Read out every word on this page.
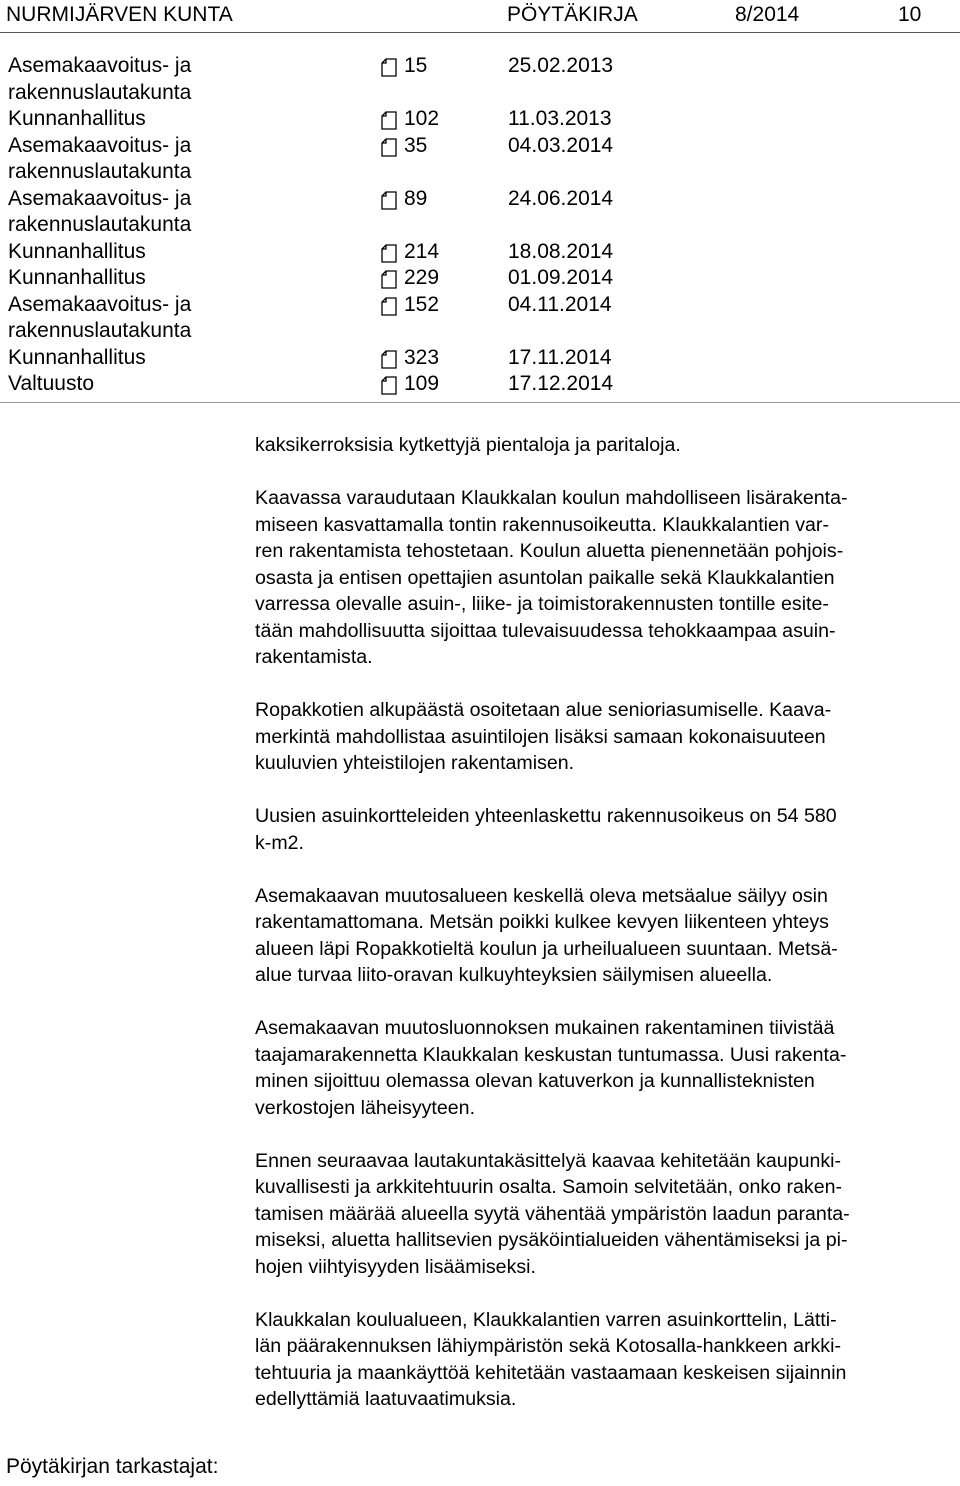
NURMIJÄRVEN KUNTA	PÖYTÄKIRJA	8/2014	10
Asemakaavoitus- ja
rakennuslautakunta
15	25.02.2013
Kunnanhallitus	102	11.03.2013
Asemakaavoitus- ja
rakennuslautakunta
35	04.03.2014
Asemakaavoitus- ja
rakennuslautakunta
89	24.06.2014
Kunnanhallitus	214	18.08.2014
Kunnanhallitus	229	01.09.2014
Asemakaavoitus- ja
rakennuslautakunta
152	04.11.2014
Kunnanhallitus	323	17.11.2014
Valtuusto	109	17.12.2014

kaksikerroksisia kytkettyjä pientaloja ja paritaloja.

Kaavassa varaudutaan Klaukkalan koulun mahdolliseen lisärakenta-
miseen kasvattamalla tontin rakennusoikeutta. Klaukkalantien var-
ren rakentamista tehostetaan. Koulun aluetta pienennetään pohjois-
osasta ja entisen opettajien asuntolan paikalle sekä Klaukkalantien
varressa olevalle asuin-, liike- ja toimistorakennusten tontille esite-
tään mahdollisuutta sijoittaa tulevaisuudessa tehokkaampaa asuin-
rakentamista.

Ropakkotien alkupäästä osoitetaan alue senioriasumiselle. Kaava-
merkintä mahdollistaa asuintilojen lisäksi samaan kokonaisuuteen
kuuluvien yhteistilojen rakentamisen.

Uusien asuinkortteleiden yhteenlaskettu rakennusoikeus on 54 580
k-m2.

Asemakaavan muutosalueen keskellä oleva metsäalue säilyy osin
rakentamattomana. Metsän poikki kulkee kevyen liikenteen yhteys
alueen läpi Ropakkotieltä koulun ja urheilualueen suuntaan. Metsä-
alue turvaa liito-oravan kulkuyhteyksien säilymisen alueella.

Asemakaavan muutosluonnoksen mukainen rakentaminen tiivistää
taajamarakennetta Klaukkalan keskustan tuntumassa. Uusi rakenta-
minen sijoittuu olemassa olevan katuverkon ja kunnallisteknisten
verkostojen läheisyyteen.

Ennen seuraavaa lautakuntakäsittelyä kaavaa kehitetään kaupunki-
kuvallisesti ja arkkitehtuurin osalta. Samoin selvitetään, onko raken-
tamisen määrää alueella syytä vähentää ympäristön laadun paranta-
miseksi, aluetta hallitsevien pysäköintialueiden vähentämiseksi ja pi-
hojen viihtyisyyden lisäämiseksi.

Klaukkalan koulualueen, Klaukkalantien varren asuinkorttelin, Lätti-
län päärakennuksen lähiympäristön sekä Kotosalla-hankkeen arkki-
tehtuuria ja maankäyttöä kehitetään vastaamaan keskeisen sijainnin
edellyttämiä laatuvaatimuksia.

Pöytäkirjan tarkastajat:
